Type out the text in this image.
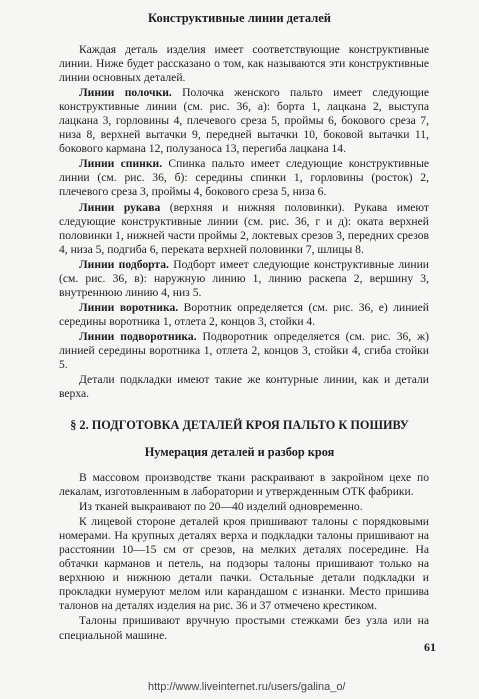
Конструктивные линии деталей

Каждая деталь изделия имеет соответствующие конструктивные линии. Ниже будет рассказано о том, как называются эти конструктивные линии основных деталей.

Линии полочки. Полочка женского пальто имеет следующие конструктивные линии (см. рис. 36, а): борта 1, лацкана 2, выступа лацкана 3, горловины 4, плечевого среза 5, проймы 6, бокового среза 7, низа 8, верхней вытачки 9, передней вытачки 10, боковой вытачки 11, бокового кармана 12, полузаноса 13, перегиба лацкана 14.

Линии спинки. Спинка пальто имеет следующие конструктивные линии (см. рис. 36, б): середины спинки 1, горловины (росток) 2, плечевого среза 3, проймы 4, бокового среза 5, низа 6.

Линии рукава (верхняя и нижняя половинки). Рукава имеют следующие конструктивные линии (см. рис. 36, г и д): оката верхней половинки 1, нижней части проймы 2, локтевых срезов 3, передних срезов 4, низа 5, подгиба 6, переката верхней половинки 7, шлицы 8.

Линии подборта. Подборт имеет следующие конструктивные линии (см. рис. 36, в): наружную линию 1, линию раскепа 2, вершину 3, внутреннюю линию 4, низ 5.

Линии воротника. Воротник определяется (см. рис. 36, е) линией середины воротника 1, отлета 2, концов 3, стойки 4.

Линии подворотника. Подворотник определяется (см. рис. 36, ж) линией середины воротника 1, отлета 2, концов 3, стойки 4, сгиба стойки 5.

Детали подкладки имеют такие же контурные линии, как и детали верха.

§ 2. ПОДГОТОВКА ДЕТАЛЕЙ КРОЯ ПАЛЬТО К ПОШИВУ
Нумерация деталей и разбор кроя

В массовом производстве ткани раскраивают в закройном цехе по лекалам, изготовленным в лаборатории и утвержденным ОТК фабрики.

Из тканей выкраивают по 20—40 изделий одновременно.

К лицевой стороне деталей кроя пришивают талоны с порядковыми номерами. На крупных деталях верха и подкладки талоны пришивают на расстоянии 10—15 см от срезов, на мелких деталях посередине. На обтачки карманов и петель, на подзоры талоны пришивают только на верхнюю и нижнюю детали пачки. Остальные детали подкладки и прокладки нумеруют мелом или карандашом с изнанки. Место пришива талонов на деталях изделия на рис. 36 и 37 отмечено крестиком.

Талоны пришивают вручную простыми стежками без узла или на специальной машине.

61
http://www.liveinternet.ru/users/galina_o/
